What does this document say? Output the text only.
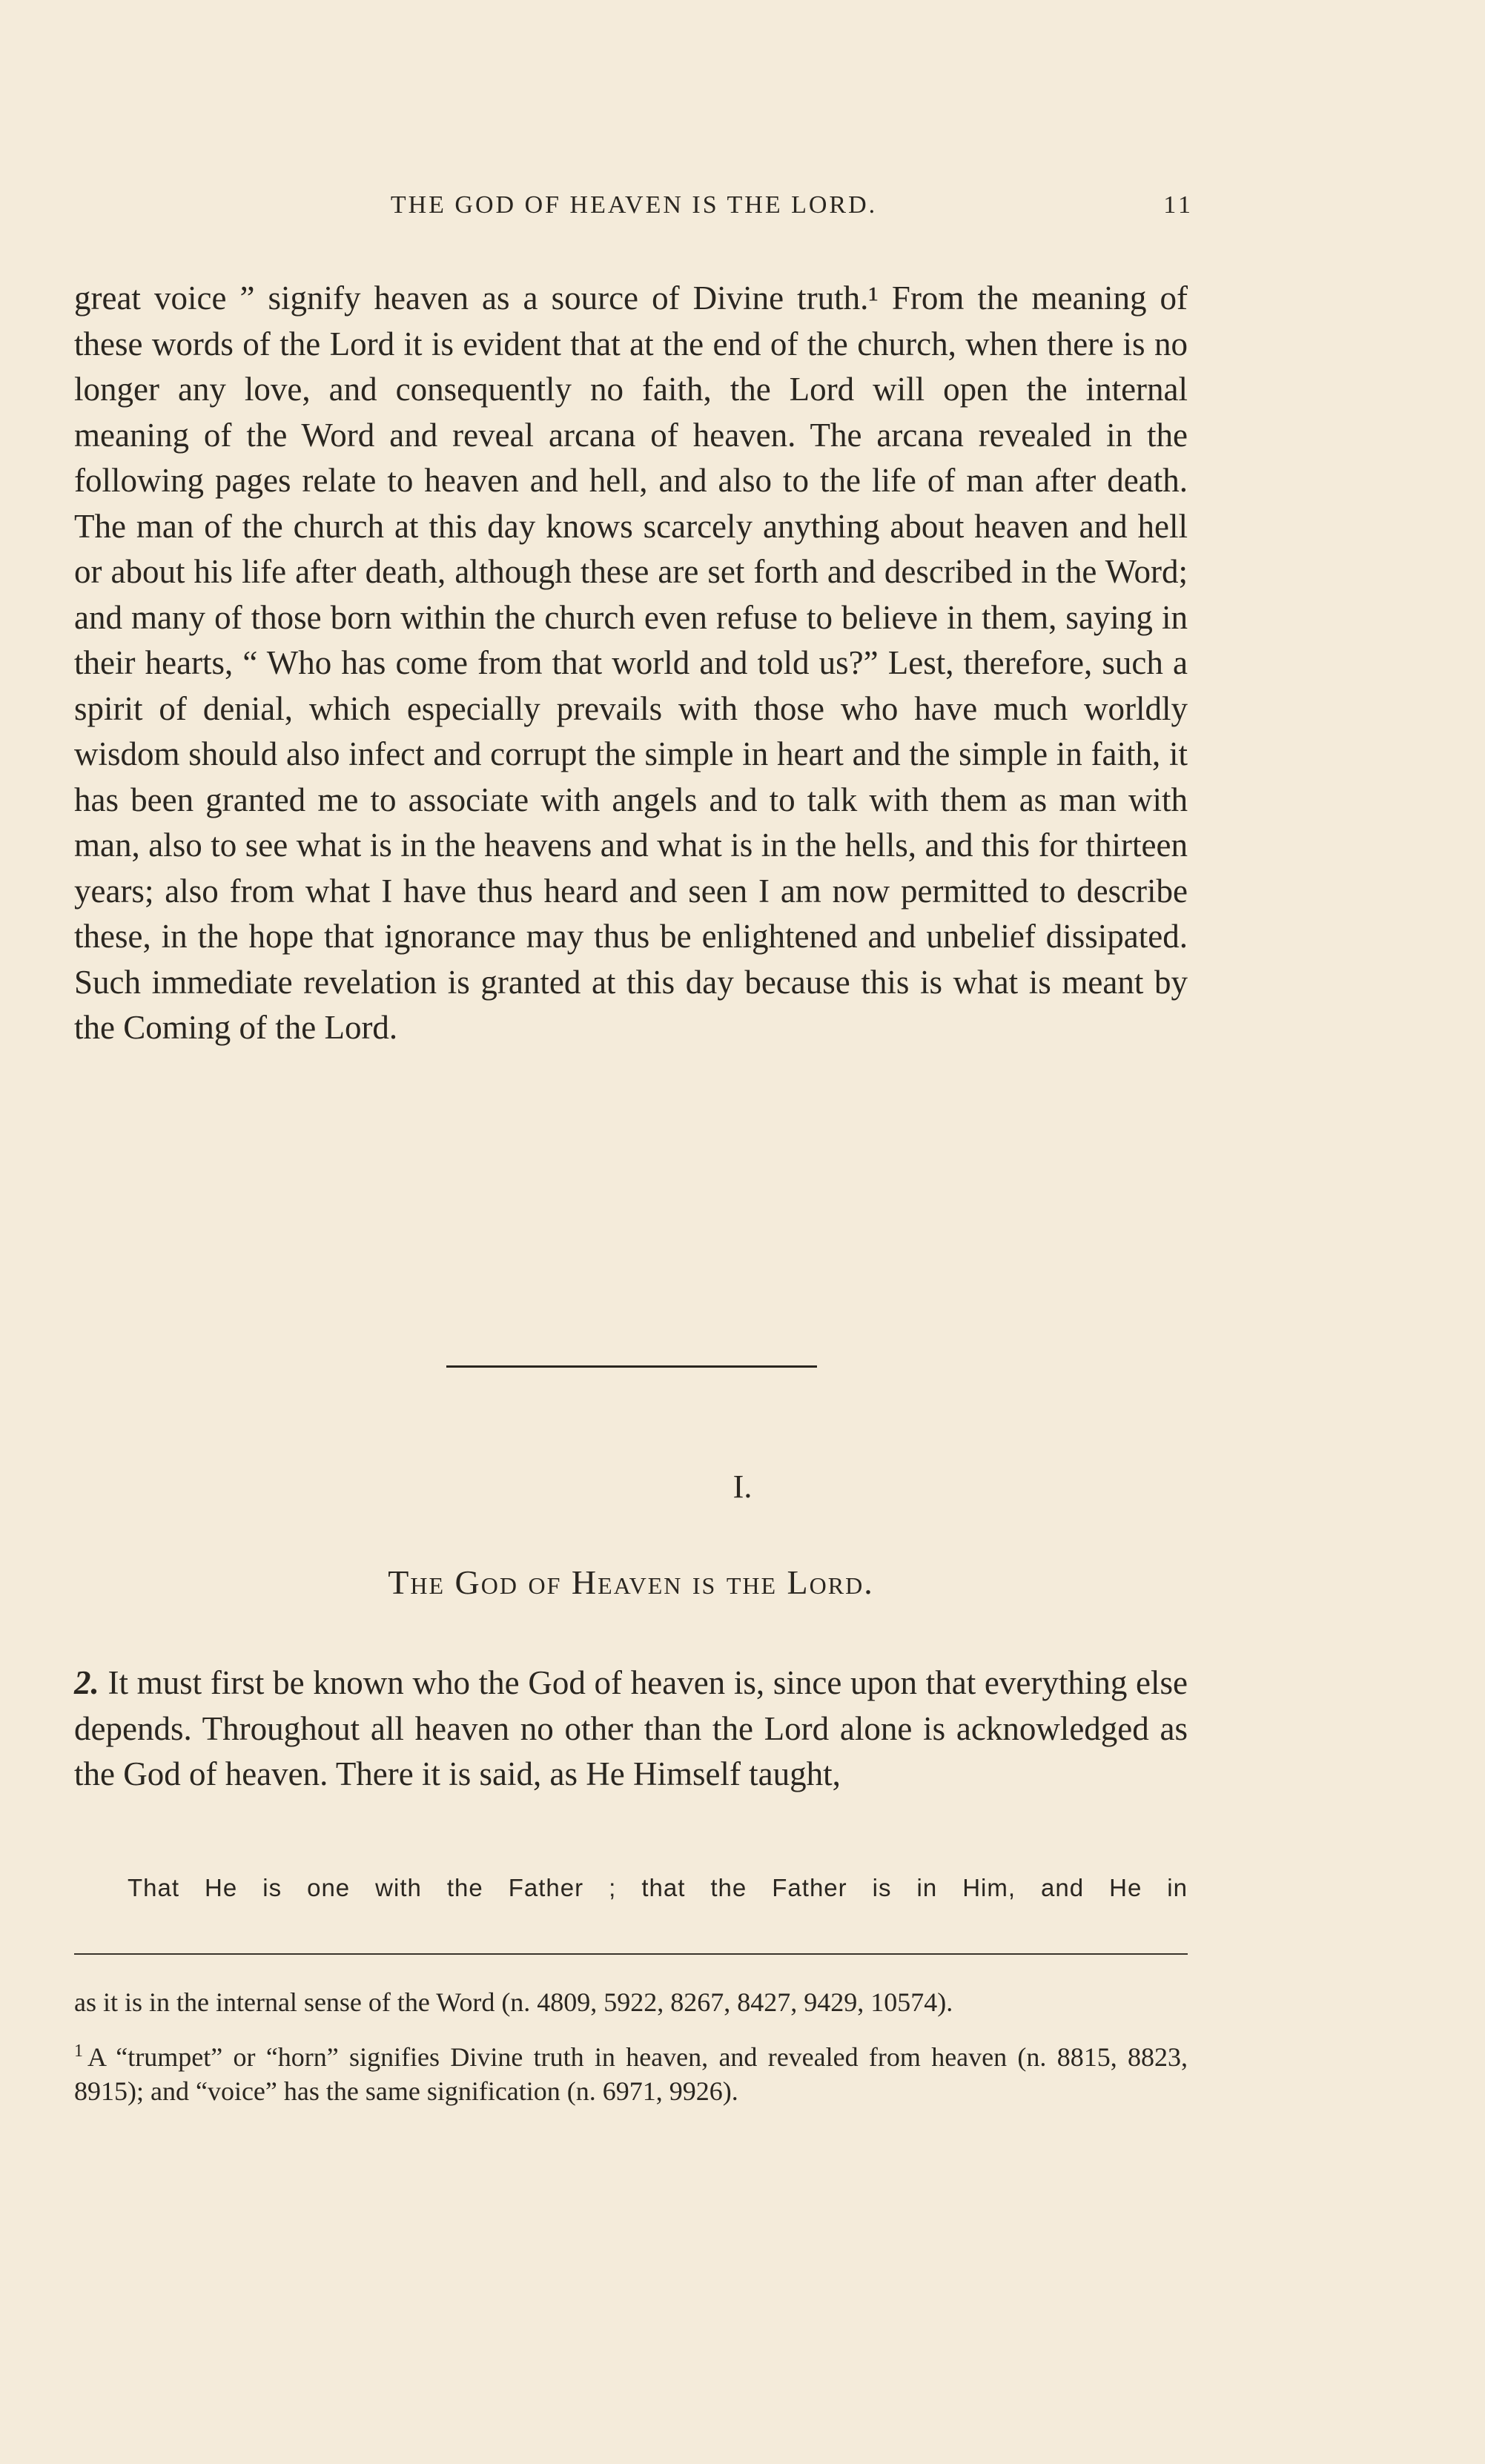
THE GOD OF HEAVEN IS THE LORD.	11

great voice ” signify heaven as a source of Divine truth.¹ From the meaning of these words of the Lord it is evident that at the end of the church, when there is no longer any love, and consequently no faith, the Lord will open the internal meaning of the Word and reveal arcana of heaven. The arcana revealed in the following pages relate to heaven and hell, and also to the life of man after death. The man of the church at this day knows scarcely anything about heaven and hell or about his life after death, although these are set forth and described in the Word; and many of those born within the church even refuse to believe in them, saying in their hearts, “ Who has come from that world and told us?” Lest, therefore, such a spirit of denial, which especially prevails with those who have much worldly wisdom should also infect and corrupt the simple in heart and the simple in faith, it has been granted me to associate with angels and to talk with them as man with man, also to see what is in the heavens and what is in the hells, and this for thirteen years; also from what I have thus heard and seen I am now permitted to describe these, in the hope that ignorance may thus be enlightened and unbelief dissipated. Such immediate revelation is granted at this day because this is what is meant by the Coming of the Lord.

I.
The God of Heaven is the Lord.
2. It must first be known who the God of heaven is, since upon that everything else depends. Throughout all heaven no other than the Lord alone is acknowledged as the God of heaven. There it is said, as He Himself taught,
That He is one with the Father ; that the Father is in Him, and He in

as it is in the internal sense of the Word (n. 4809, 5922, 8267, 8427, 9429, 10574).

$^1$ A “trumpet” or “horn” signifies Divine truth in heaven, and revealed from heaven (n. 8815, 8823, 8915); and “voice” has the same signification (n. 6971, 9926).
